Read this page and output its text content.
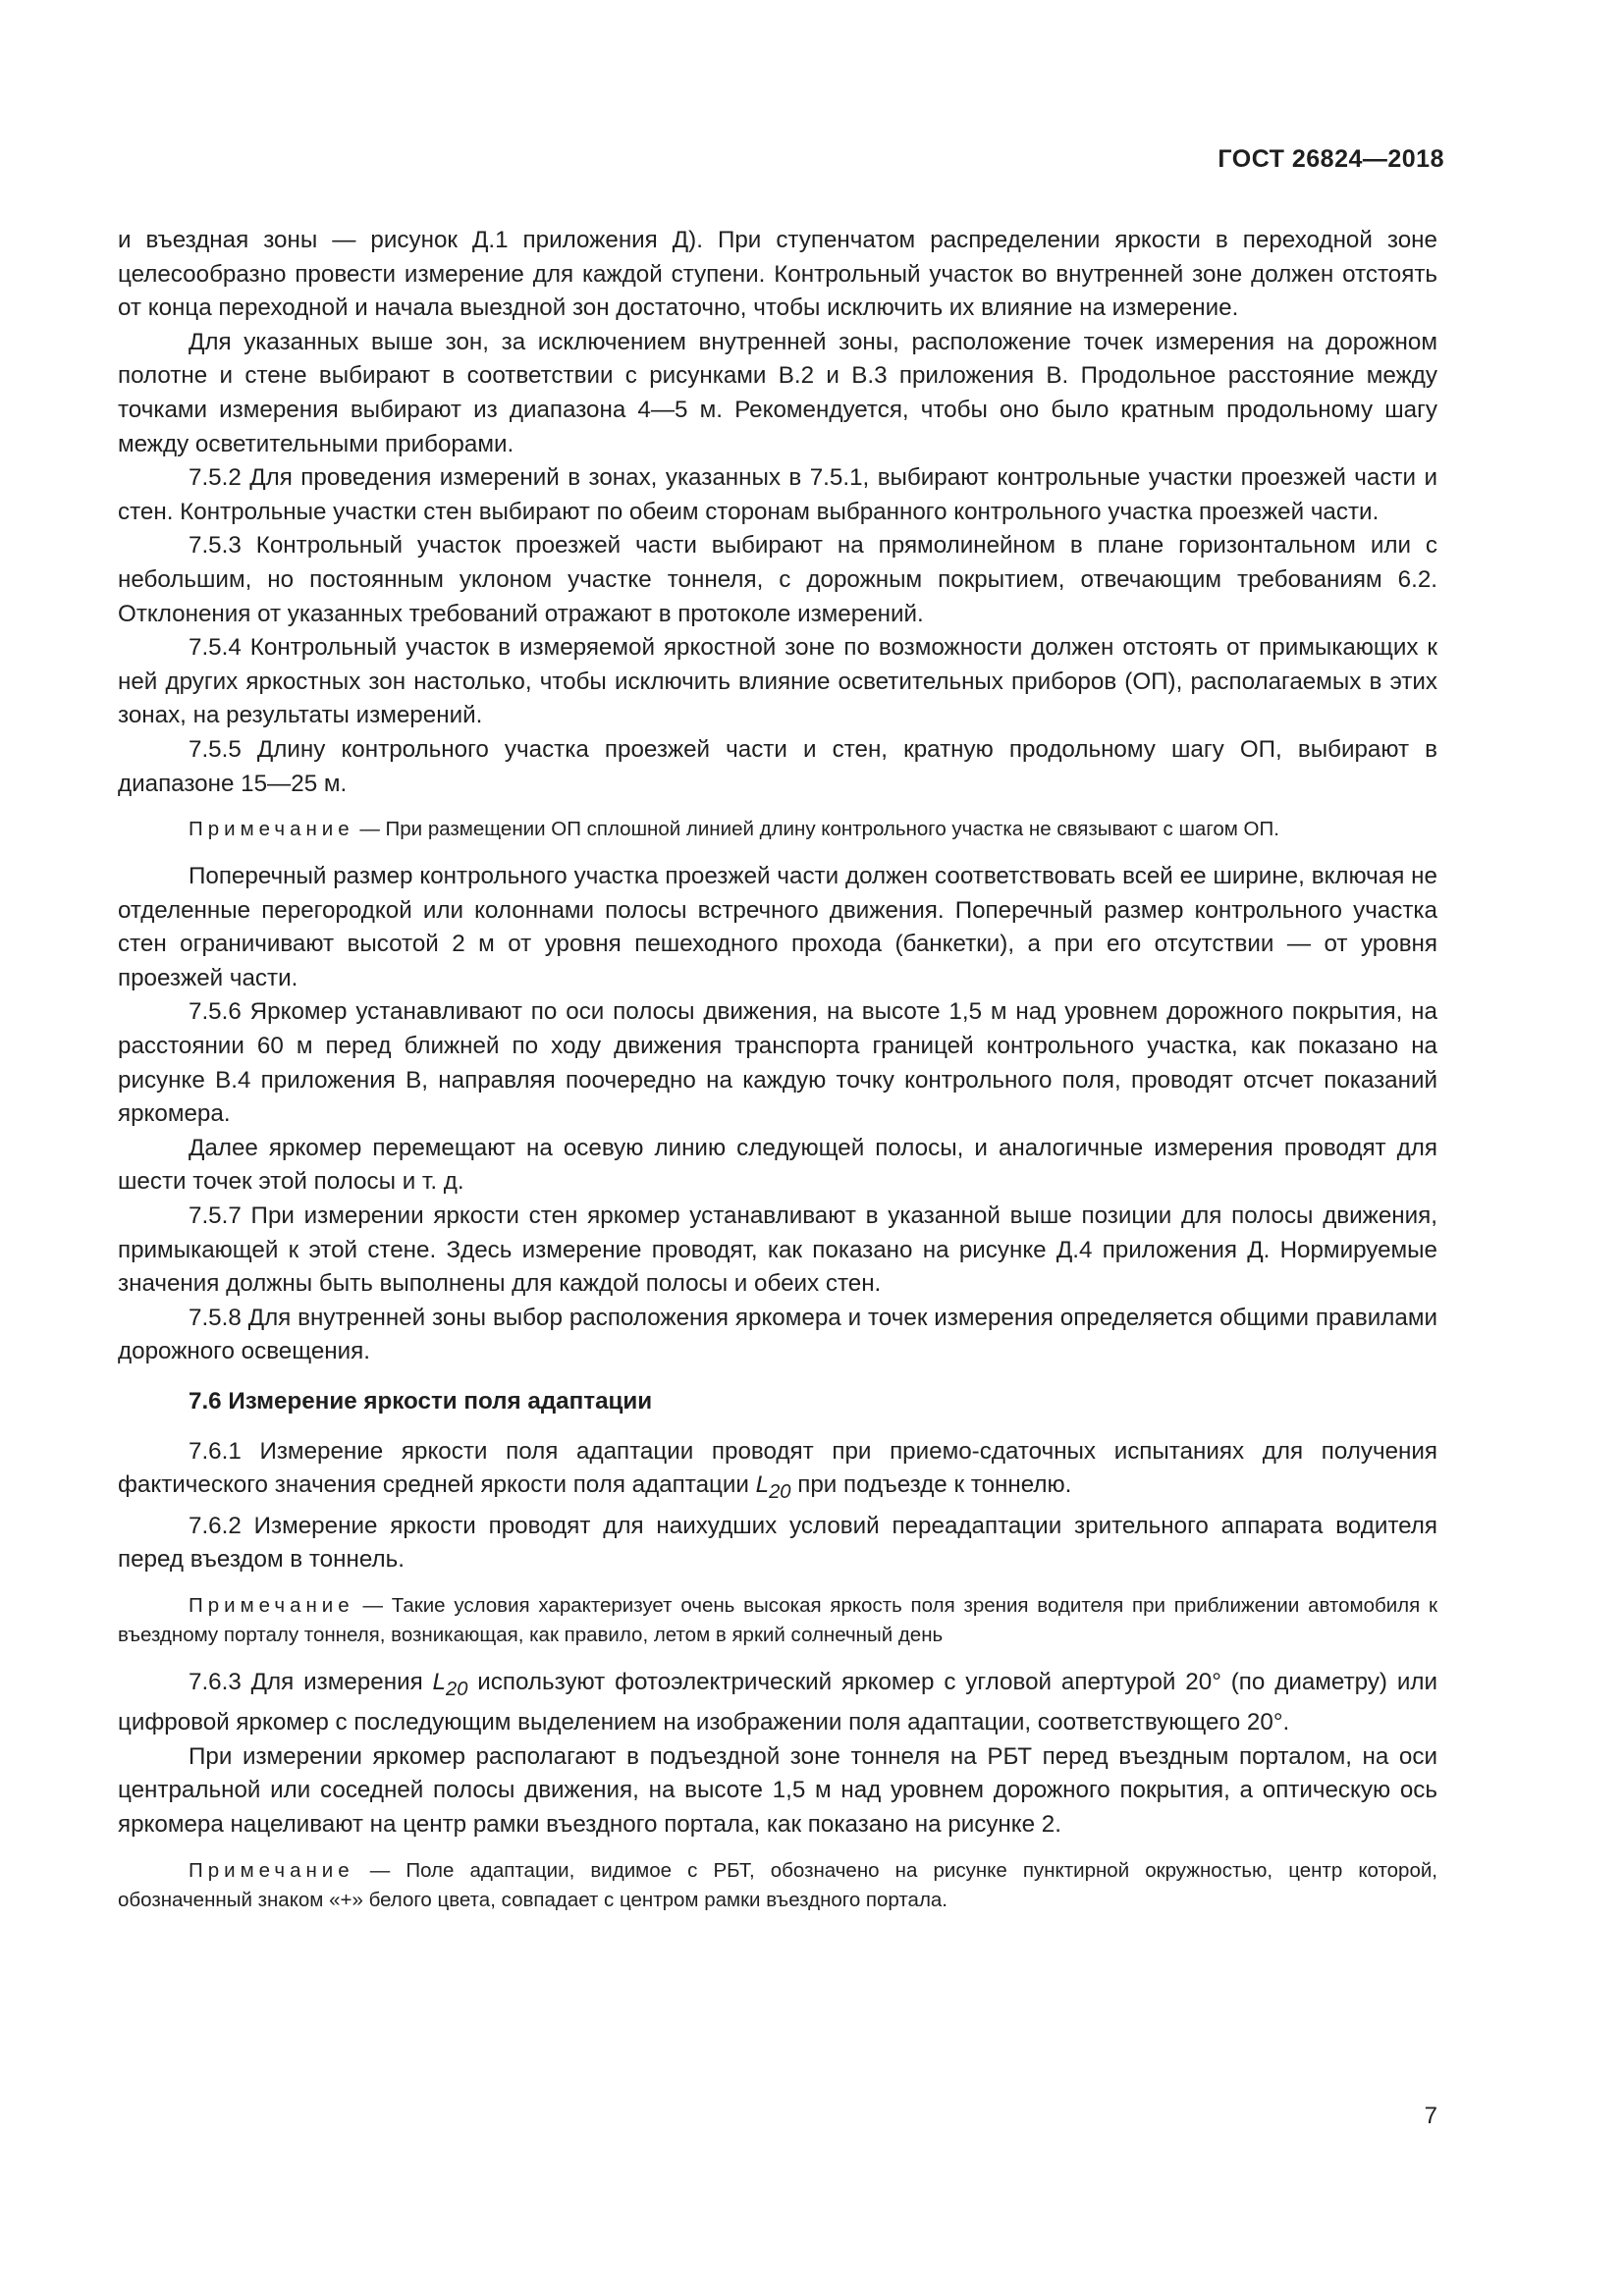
ГОСТ 26824—2018

и въездная зоны — рисунок Д.1 приложения Д). При ступенчатом распределении яркости в переходной зоне целесообразно провести измерение для каждой ступени. Контрольный участок во внутренней зоне должен отстоять от конца переходной и начала выездной зон достаточно, чтобы исключить их влияние на измерение.

Для указанных выше зон, за исключением внутренней зоны, расположение точек измерения на дорожном полотне и стене выбирают в соответствии с рисунками В.2 и В.3 приложения В. Продольное расстояние между точками измерения выбирают из диапазона 4—5 м. Рекомендуется, чтобы оно было кратным продольному шагу между осветительными приборами.

7.5.2 Для проведения измерений в зонах, указанных в 7.5.1, выбирают контрольные участки проезжей части и стен. Контрольные участки стен выбирают по обеим сторонам выбранного контрольного участка проезжей части.

7.5.3 Контрольный участок проезжей части выбирают на прямолинейном в плане горизонтальном или с небольшим, но постоянным уклоном участке тоннеля, с дорожным покрытием, отвечающим требованиям 6.2. Отклонения от указанных требований отражают в протоколе измерений.

7.5.4 Контрольный участок в измеряемой яркостной зоне по возможности должен отстоять от примыкающих к ней других яркостных зон настолько, чтобы исключить влияние осветительных приборов (ОП), располагаемых в этих зонах, на результаты измерений.

7.5.5 Длину контрольного участка проезжей части и стен, кратную продольному шагу ОП, выбирают в диапазоне 15—25 м.

Примечание — При размещении ОП сплошной линией длину контрольного участка не связывают с шагом ОП.

Поперечный размер контрольного участка проезжей части должен соответствовать всей ее ширине, включая не отделенные перегородкой или колоннами полосы встречного движения. Поперечный размер контрольного участка стен ограничивают высотой 2 м от уровня пешеходного прохода (банкетки), а при его отсутствии — от уровня проезжей части.

7.5.6 Яркомер устанавливают по оси полосы движения, на высоте 1,5 м над уровнем дорожного покрытия, на расстоянии 60 м перед ближней по ходу движения транспорта границей контрольного участка, как показано на рисунке В.4 приложения В, направляя поочередно на каждую точку контрольного поля, проводят отсчет показаний яркомера.

Далее яркомер перемещают на осевую линию следующей полосы, и аналогичные измерения проводят для шести точек этой полосы и т. д.

7.5.7 При измерении яркости стен яркомер устанавливают в указанной выше позиции для полосы движения, примыкающей к этой стене. Здесь измерение проводят, как показано на рисунке Д.4 приложения Д. Нормируемые значения должны быть выполнены для каждой полосы и обеих стен.

7.5.8 Для внутренней зоны выбор расположения яркомера и точек измерения определяется общими правилами дорожного освещения.

7.6 Измерение яркости поля адаптации

7.6.1 Измерение яркости поля адаптации проводят при приемо-сдаточных испытаниях для получения фактического значения средней яркости поля адаптации $L_{20}$ при подъезде к тоннелю.

7.6.2 Измерение яркости проводят для наихудших условий переадаптации зрительного аппарата водителя перед въездом в тоннель.

Примечание — Такие условия характеризует очень высокая яркость поля зрения водителя при приближении автомобиля к въездному порталу тоннеля, возникающая, как правило, летом в яркий солнечный день

7.6.3 Для измерения $L_{20}$ используют фотоэлектрический яркомер с угловой апертурой 20° (по диаметру) или цифровой яркомер с последующим выделением на изображении поля адаптации, соответствующего 20°.

При измерении яркомер располагают в подъездной зоне тоннеля на РБТ перед въездным порталом, на оси центральной или соседней полосы движения, на высоте 1,5 м над уровнем дорожного покрытия, а оптическую ось яркомера нацеливают на центр рамки въездного портала, как показано на рисунке 2.

Примечание — Поле адаптации, видимое с РБТ, обозначено на рисунке пунктирной окружностью, центр которой, обозначенный знаком «+» белого цвета, совпадает с центром рамки въездного портала.

7
